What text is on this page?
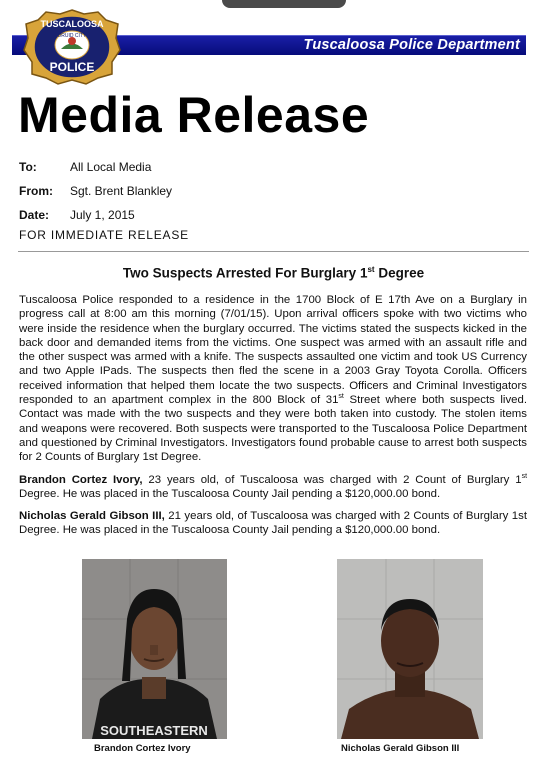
Tuscaloosa Police Department
TUSCALOOSA
DRUID CITY
POLICE
Media Release
To:	All Local Media
From: Sgt. Brent Blankley
Date: July 1, 2015
FOR IMMEDIATE RELEASE
Two Suspects Arrested For Burglary 1st Degree

Tuscaloosa Police responded to a residence in the 1700 Block of E 17th Ave on a Burglary in progress call at 8:00 am this morning (7/01/15). Upon arrival officers spoke with two victims who were inside the residence when the burglary occurred. The victims stated the suspects kicked in the back door and demanded items from the victims. One suspect was armed with an assault rifle and the other suspect was armed with a knife. The suspects assaulted one victim and took US Currency and two Apple IPads. The suspects then fled the scene in a 2003 Gray Toyota Corolla. Officers received information that helped them locate the two suspects. Officers and Criminal Investigators responded to an apartment complex in the 800 Block of 31st Street where both suspects lived. Contact was made with the two suspects and they were both taken into custody. The stolen items and weapons were recovered. Both suspects were transported to the Tuscaloosa Police Department and questioned by Criminal Investigators. Investigators found probable cause to arrest both suspects for 2 Counts of Burglary 1st Degree.

Brandon Cortez Ivory, 23 years old, of Tuscaloosa was charged with 2 Count of Burglary 1st Degree. He was placed in the Tuscaloosa County Jail pending a $120,000.00 bond.

Nicholas Gerald Gibson III, 21 years old, of Tuscaloosa was charged with 2 Counts of Burglary 1st Degree. He was placed in the Tuscaloosa County Jail pending a $120,000.00 bond.

SOUTHEASTERN
Brandon Cortez Ivory	Nicholas Gerald Gibson III
